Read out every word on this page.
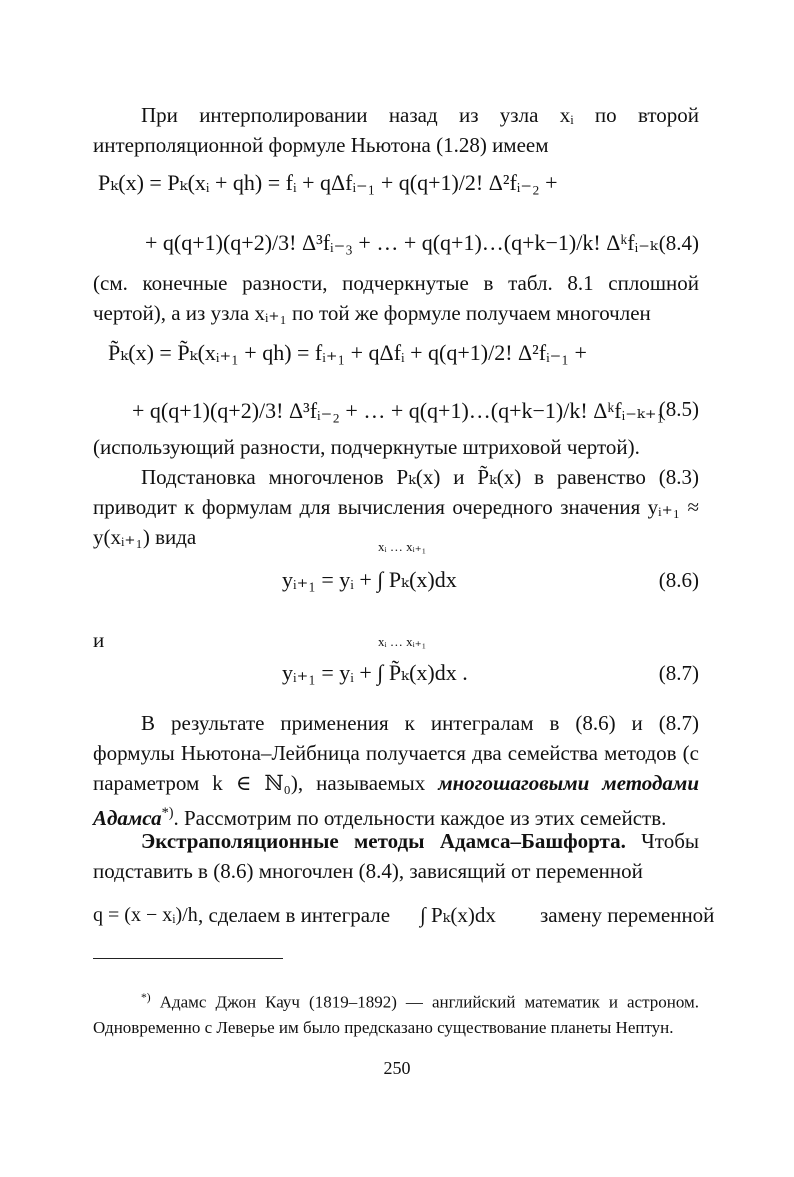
При интерполировании назад из узла xᵢ по второй интерполяционной формуле Ньютона (1.28) имеем

Pₖ(x) = Pₖ(xᵢ + qh) = fᵢ + qΔfᵢ₋₁ + q(q+1)/2! Δ²fᵢ₋₂ +
+ q(q+1)(q+2)/3! Δ³fᵢ₋₃ + … + q(q+1)…(q+k−1)/k! Δᵏfᵢ₋ₖ (8.4)

(см. конечные разности, подчеркнутые в табл. 8.1 сплошной чертой), а из узла xᵢ₊₁ по той же формуле получаем многочлен

P̃ₖ(x) = P̃ₖ(xᵢ₊₁ + qh) = fᵢ₊₁ + qΔfᵢ + q(q+1)/2! Δ²fᵢ₋₁ +
+ q(q+1)(q+2)/3! Δ³fᵢ₋₂ + … + q(q+1)…(q+k−1)/k! Δᵏfᵢ₋ₖ₊₁
(8.5)

(использующий разности, подчеркнутые штриховой чертой).

Подстановка многочленов Pₖ(x) и P̃ₖ(x) в равенство (8.3) приводит к формулам для вычисления очередного значения yᵢ₊₁ ≈ y(xᵢ₊₁) вида

yᵢ₊₁ = yᵢ + ∫ Pₖ(x)dx
xᵢ … xᵢ₊₁
(8.6)
и
yᵢ₊₁ = yᵢ + ∫ P̃ₖ(x)dx .
xᵢ … xᵢ₊₁
(8.7)

В результате применения к интегралам в (8.6) и (8.7) формулы Ньютона–Лейбница получается два семейства методов (с параметром k ∈ ℕ₀), называемых многошаговыми методами Адамса*). Рассмотрим по отдельности каждое из этих семейств.

Экстраполяционные методы Адамса–Башфорта. Чтобы подставить в (8.6) многочлен (8.4), зависящий от переменной

q = (x − xᵢ)/h , сделаем в интеграле ∫ Pₖ(x)dx замену переменной

*) Адамс Джон Кауч (1819–1892) — английский математик и астроном. Одновременно с Леверье им было предсказано существование планеты Нептун.

250
